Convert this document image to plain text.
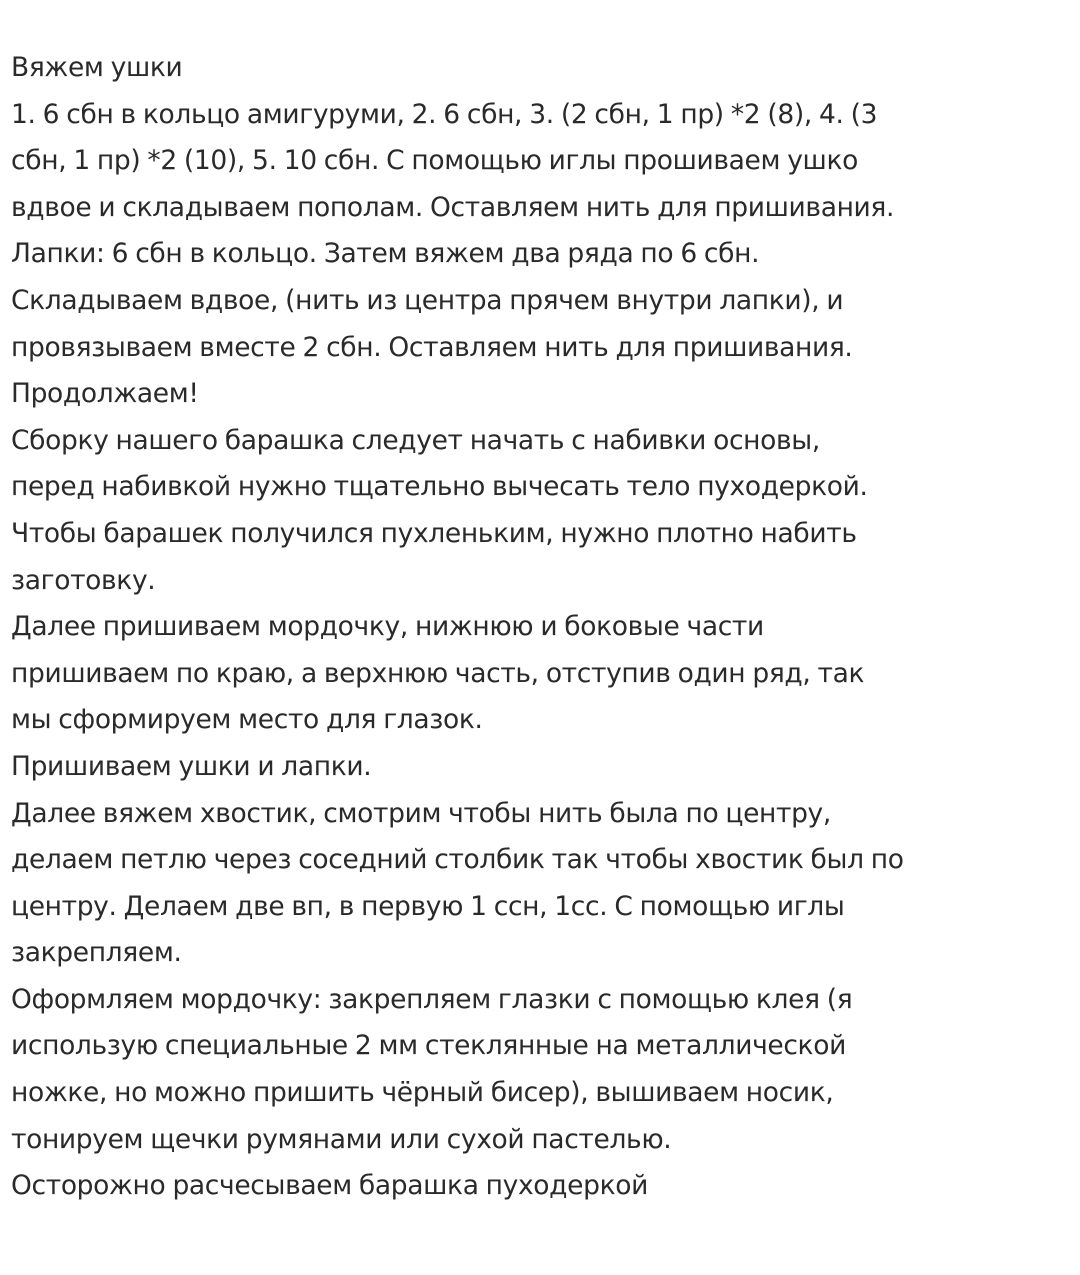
Вяжем ушки
1. 6 сбн в кольцо амигуруми, 2. 6 сбн, 3. (2 сбн, 1 пр) *2 (8), 4. (3
сбн, 1 пр) *2 (10), 5. 10 сбн. С помощью иглы прошиваем ушко
вдвое и складываем пополам. Оставляем нить для пришивания.
Лапки: 6 сбн в кольцо. Затем вяжем два ряда по 6 сбн.
Складываем вдвое, (нить из центра прячем внутри лапки), и
провязываем вместе 2 сбн. Оставляем нить для пришивания.
Продолжаем!
Сборку нашего барашка следует начать с набивки основы,
перед набивкой нужно тщательно вычесать тело пуходеркой.
Чтобы барашек получился пухленьким, нужно плотно набить
заготовку.
Далее пришиваем мордочку, нижнюю и боковые части
пришиваем по краю, а верхнюю часть, отступив один ряд, так
мы сформируем место для глазок.
Пришиваем ушки и лапки.
Далее вяжем хвостик, смотрим чтобы нить была по центру,
делаем петлю через соседний столбик так чтобы хвостик был по
центру. Делаем две вп, в первую 1 ссн, 1сс. С помощью иглы
закрепляем.
Оформляем мордочку: закрепляем глазки с помощью клея (я
использую специальные 2 мм стеклянные на металлической
ножке, но можно пришить чёрный бисер), вышиваем носик,
тонируем щечки румянами или сухой пастелью.
Осторожно расчесываем барашка пуходеркой
